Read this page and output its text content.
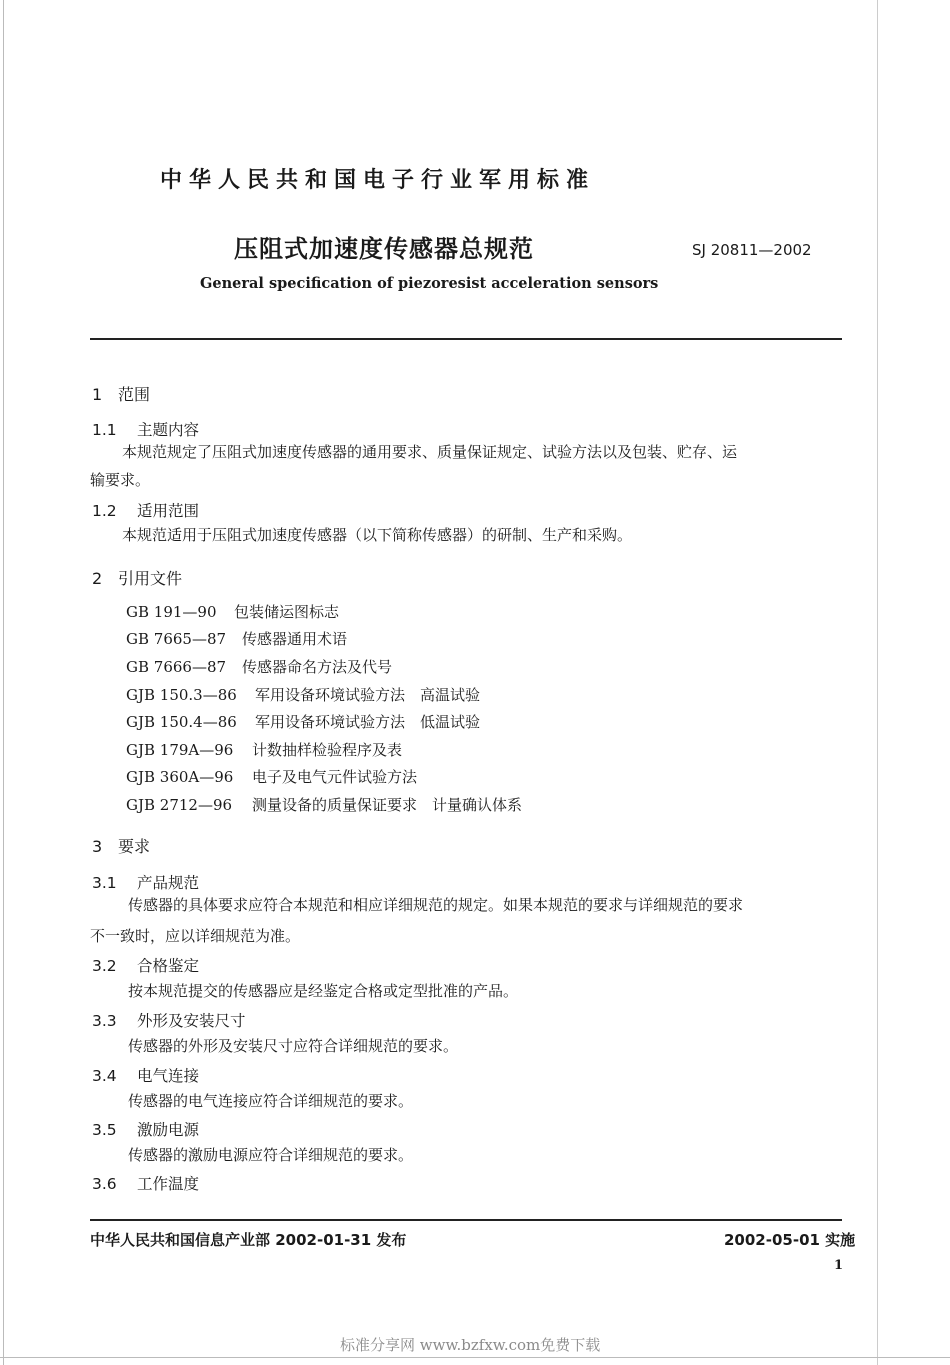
中华人民共和国电子行业军用标准
压阻式加速度传感器总规范	SJ 20811—2002
General specification of piezoresist acceleration sensors
1 范围
1.1 主题内容
本规范规定了压阻式加速度传感器的通用要求、质量保证规定、试验方法以及包装、贮存、运
输要求。
1.2 适用范围
本规范适用于压阻式加速度传感器（以下简称传感器）的研制、生产和采购。
2 引用文件
GB 191—90 包装储运图标志
GB 7665—87 传感器通用术语
GB 7666—87 传感器命名方法及代号
GJB 150.3—86 军用设备环境试验方法　高温试验
GJB 150.4—86 军用设备环境试验方法　低温试验
GJB 179A—96 计数抽样检验程序及表
GJB 360A—96 电子及电气元件试验方法
GJB 2712—96 测量设备的质量保证要求　计量确认体系
3 要求
3.1 产品规范
传感器的具体要求应符合本规范和相应详细规范的规定。如果本规范的要求与详细规范的要求
不一致时，应以详细规范为准。
3.2 合格鉴定
按本规范提交的传感器应是经鉴定合格或定型批准的产品。
3.3 外形及安装尺寸
传感器的外形及安装尺寸应符合详细规范的要求。
3.4 电气连接
传感器的电气连接应符合详细规范的要求。
3.5 激励电源
传感器的激励电源应符合详细规范的要求。
3.6 工作温度
中华人民共和国信息产业部 2002-01-31 发布	2002-05-01 实施
1
标准分享网 www.bzfxw.com免费下载
